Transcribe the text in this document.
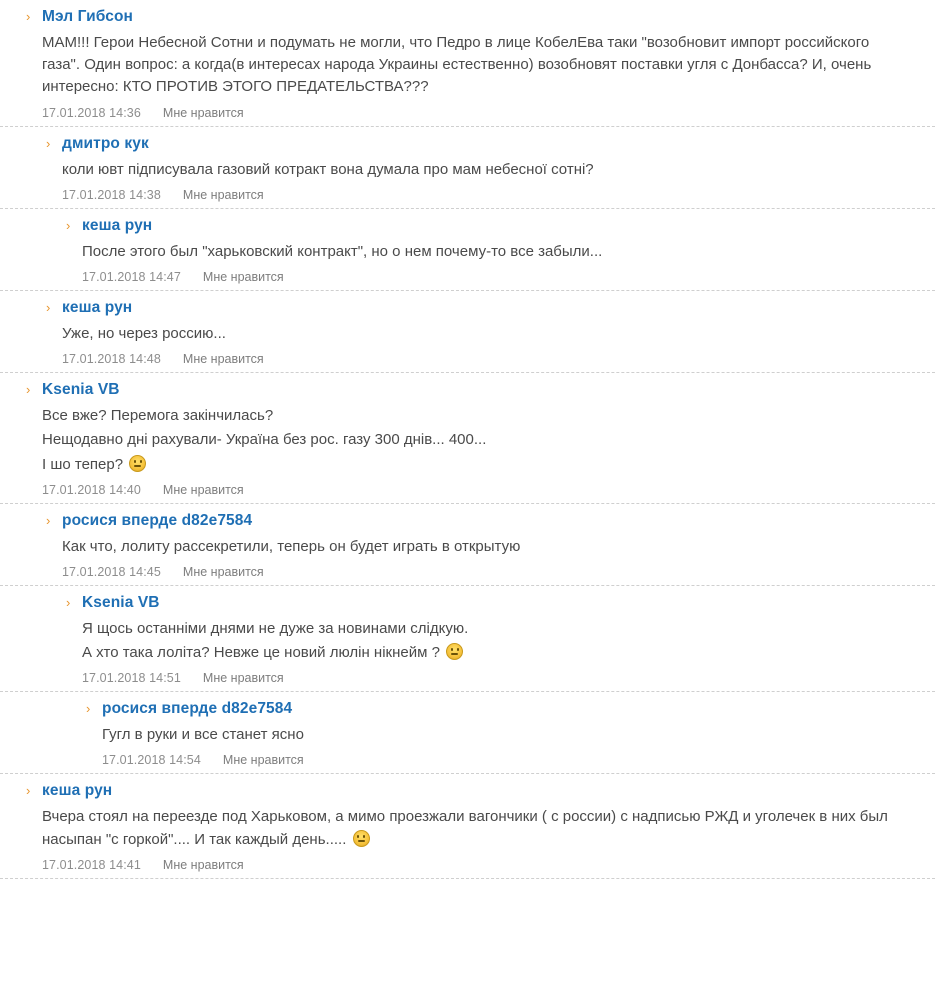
› Мэл Гибсон

МАМ!!! Герои Небесной Сотни и подумать не могли, что Педро в лице КобелЕва таки "возобновит импорт российского газа". Один вопрос: а когда(в интересах народа Украины естественно) возобновят поставки угля с Донбасса? И, очень интересно: КТО ПРОТИВ ЭТОГО ПРЕДАТЕЛЬСТВА???

17.01.2018 14:36 Мне нравится
› дмитро кук

коли ювт підписувала газовий котракт вона думала про мам небесної сотні?

17.01.2018 14:38 Мне нравится
› кеша рун

После этого был "харьковский контракт", но о нем почему-то все забыли...

17.01.2018 14:47 Мне нравится
› кеша рун

Уже, но через россию...

17.01.2018 14:48 Мне нравится
› Ksenia VB

Все вже? Перемога закінчилась?

Нещодавно дні рахували- Україна без рос. газу 300 днів... 400...

І шо тепер?

17.01.2018 14:40 Мне нравится
› росися вперде d82e7584

Как что, лолиту рассекретили, теперь он будет играть в открытую

17.01.2018 14:45 Мне нравится
› Ksenia VB

Я щось останніми днями не дуже за новинами слідкую.

А хто така лоліта? Невже це новий люлін нікнейм ?

17.01.2018 14:51 Мне нравится
› росися вперде d82e7584

Гугл в руки и все станет ясно

17.01.2018 14:54 Мне нравится
› кеша рун

Вчера стоял на переезде под Харьковом, а мимо проезжали вагончики ( с россии) с надписью РЖД и уголечек в них был насыпан "с горкой".... И так каждый день.....

17.01.2018 14:41 Мне нравится
